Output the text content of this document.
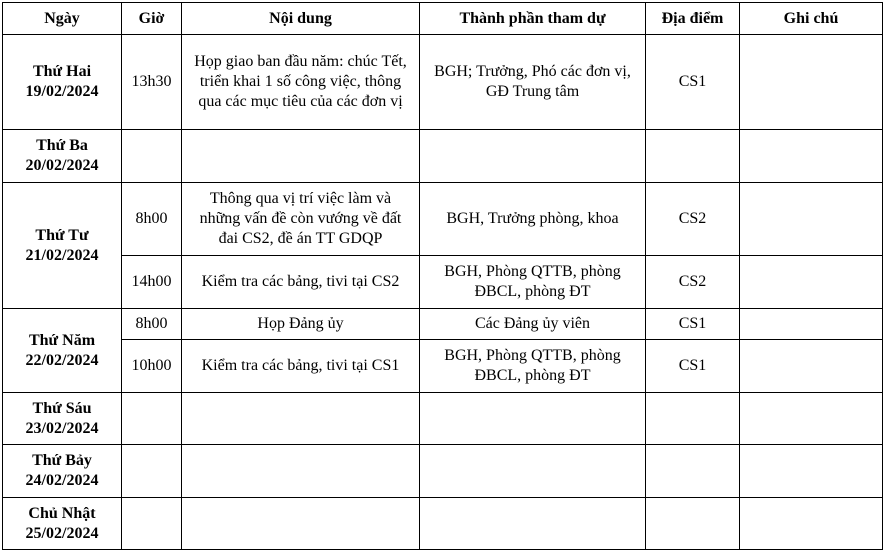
Ngày	Giờ	Nội dung	Thành phần tham dự	Địa điểm	Ghi chú

Thứ Hai
19/02/2024	13h30	Họp giao ban đầu năm: chúc Tết, triển khai 1 số công việc, thông qua các mục tiêu của các đơn vị	BGH; Trưởng, Phó các đơn vị, GĐ Trung tâm	CS1	

Thứ Ba
20/02/2024					

Thứ Tư
21/02/2024	8h00	Thông qua vị trí việc làm và những vấn đề còn vướng về đất đai CS2, đề án TT GDQP	BGH, Trưởng phòng, khoa	CS2	
	14h00	Kiểm tra các bảng, tivi tại CS2	BGH, Phòng QTTB, phòng ĐBCL, phòng ĐT	CS2	

Thứ Năm
22/02/2024	8h00	Họp Đảng ủy	Các Đảng ủy viên	CS1	
	10h00	Kiểm tra các bảng, tivi tại CS1	BGH, Phòng QTTB, phòng ĐBCL, phòng ĐT	CS1	

Thứ Sáu
23/02/2024					

Thứ Bảy
24/02/2024					

Chủ Nhật
25/02/2024					
